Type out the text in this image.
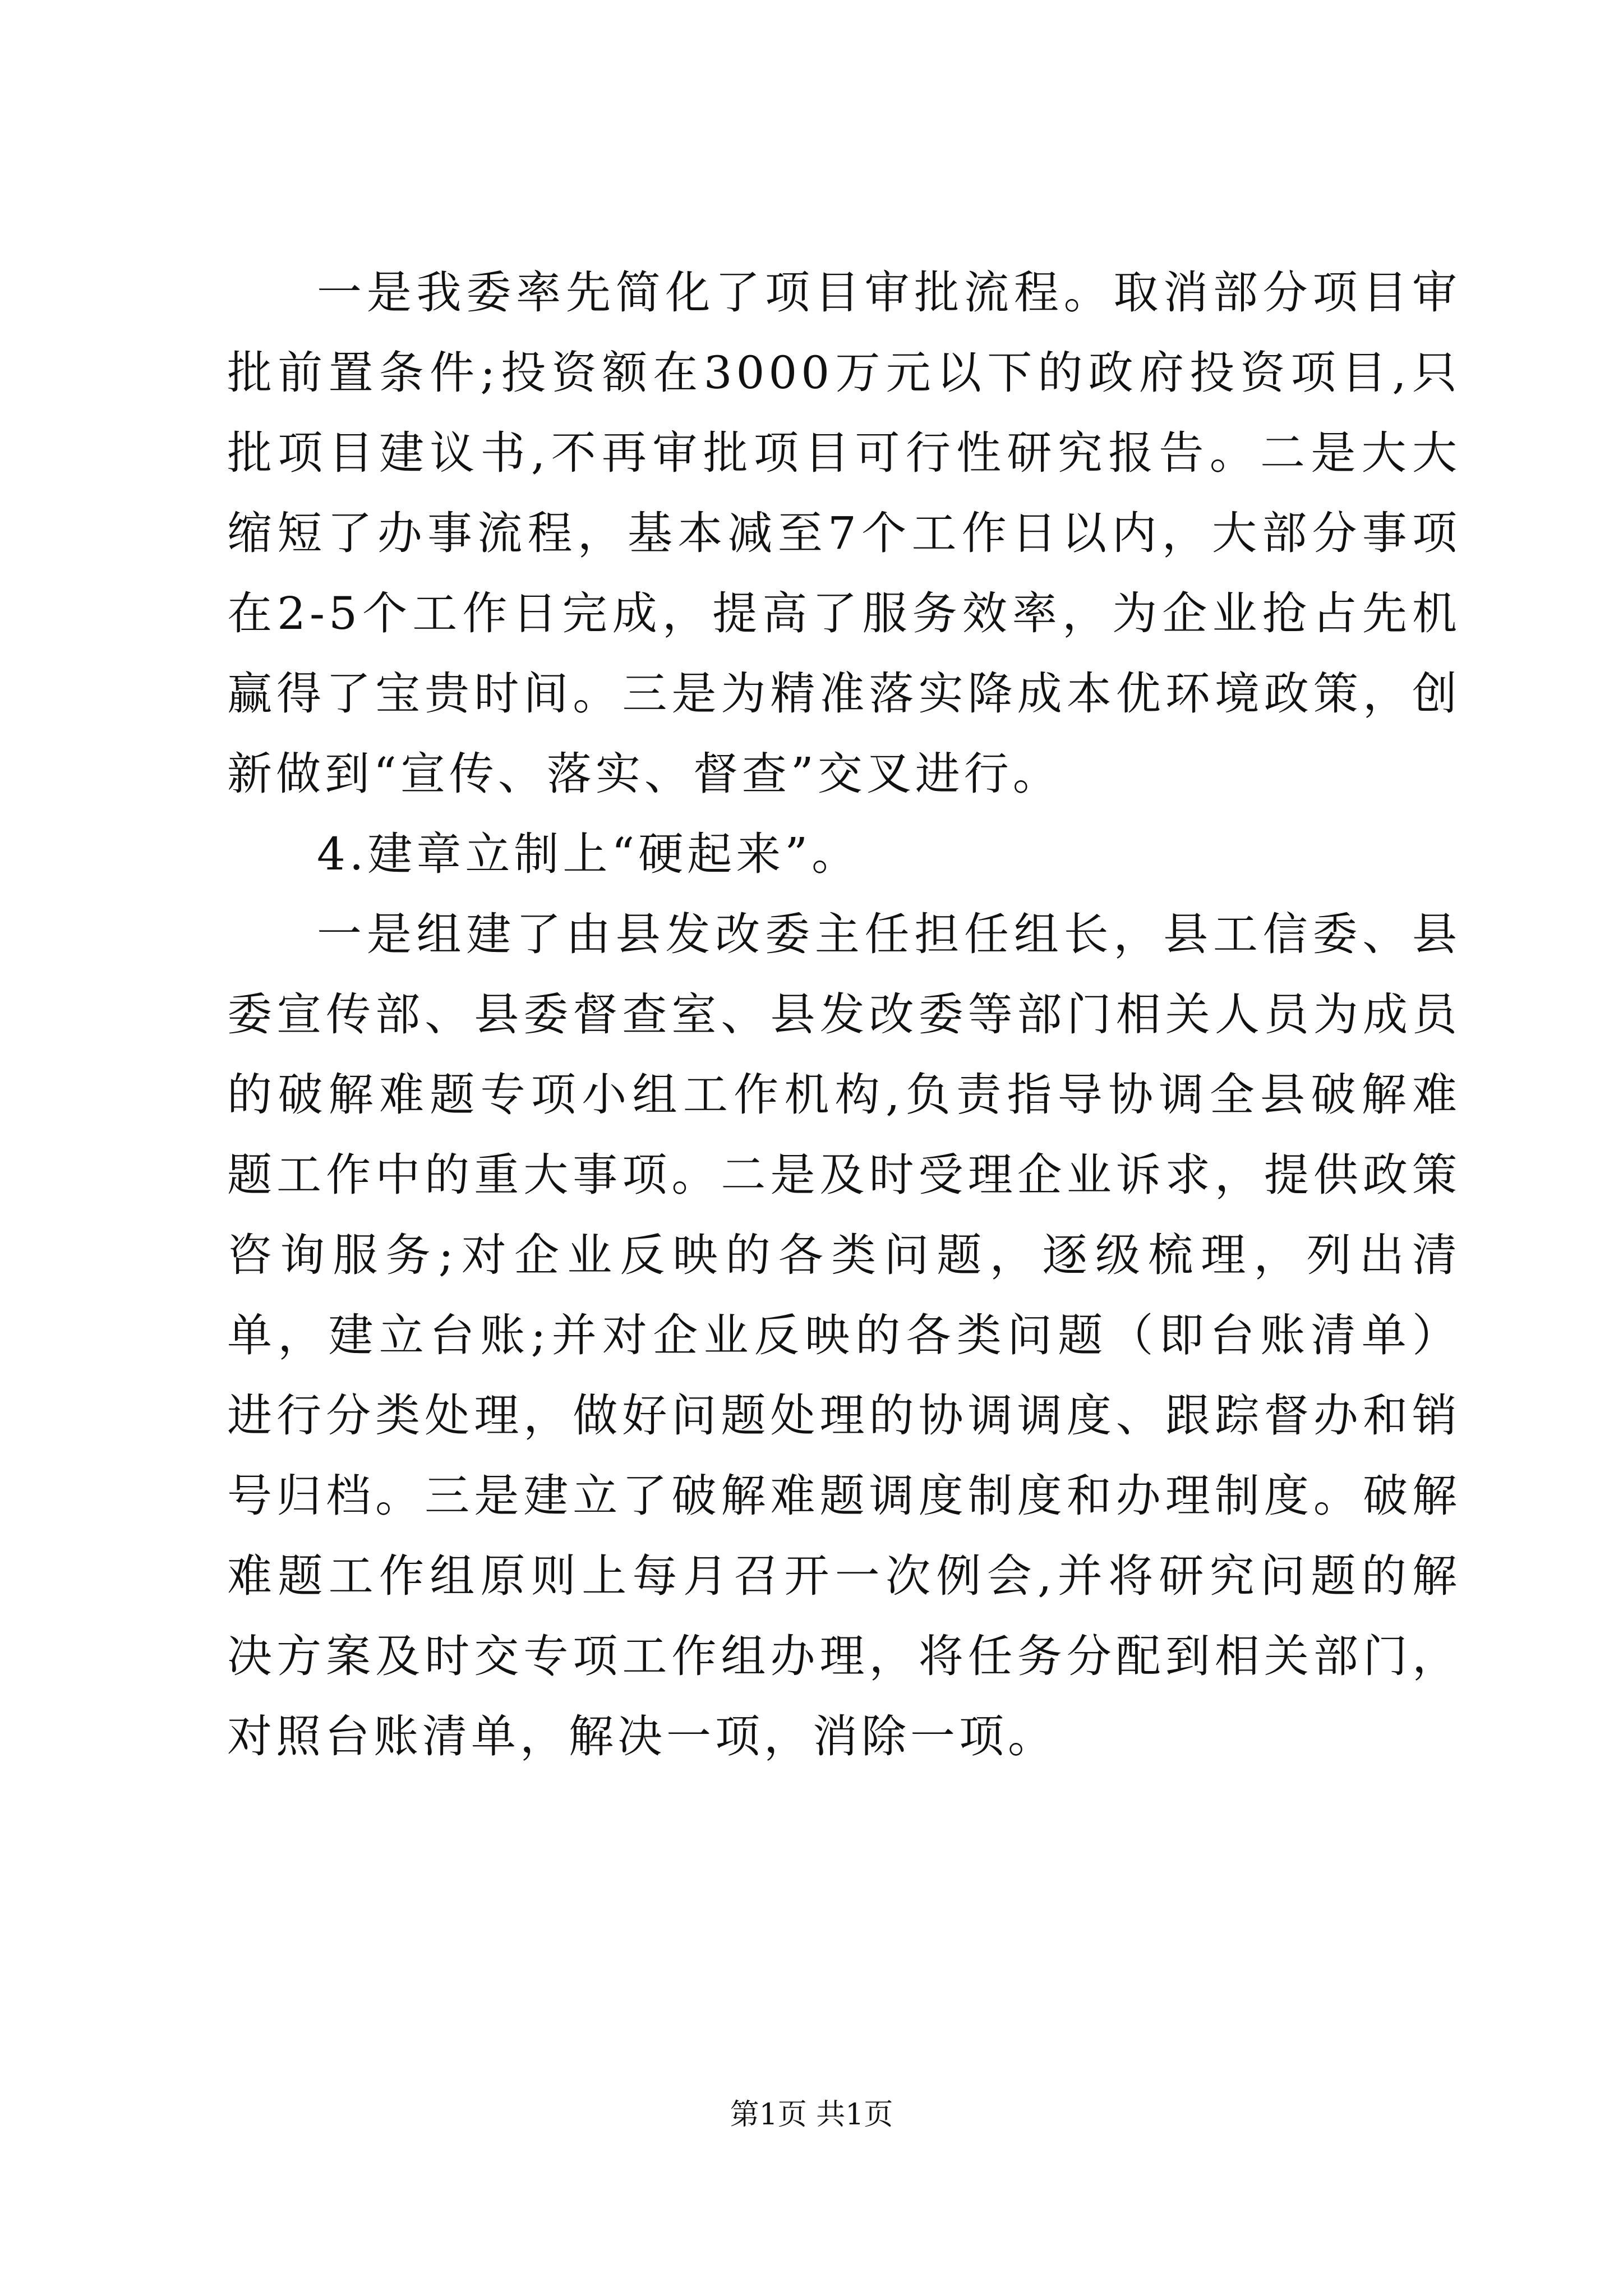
一是我委率先简化了项目审批流程。取消部分项目审批前置条件;投资额在3000万元以下的政府投资项目,只批项目建议书,不再审批项目可行性研究报告。二是大大缩短了办事流程，基本减至7个工作日以内，大部分事项在2-5个工作日完成，提高了服务效率，为企业抢占先机赢得了宝贵时间。三是为精准落实降成本优环境政策，创新做到“宣传、落实、督查”交叉进行。

4.建章立制上“硬起来”。

一是组建了由县发改委主任担任组长，县工信委、县委宣传部、县委督查室、县发改委等部门相关人员为成员的破解难题专项小组工作机构,负责指导协调全县破解难题工作中的重大事项。二是及时受理企业诉求，提供政策咨询服务;对企业反映的各类问题，逐级梳理，列出清单，建立台账;并对企业反映的各类问题（即台账清单）进行分类处理，做好问题处理的协调调度、跟踪督办和销号归档。三是建立了破解难题调度制度和办理制度。破解难题工作组原则上每月召开一次例会,并将研究问题的解决方案及时交专项工作组办理，将任务分配到相关部门，对照台账清单，解决一项，消除一项。

第1页 共1页
